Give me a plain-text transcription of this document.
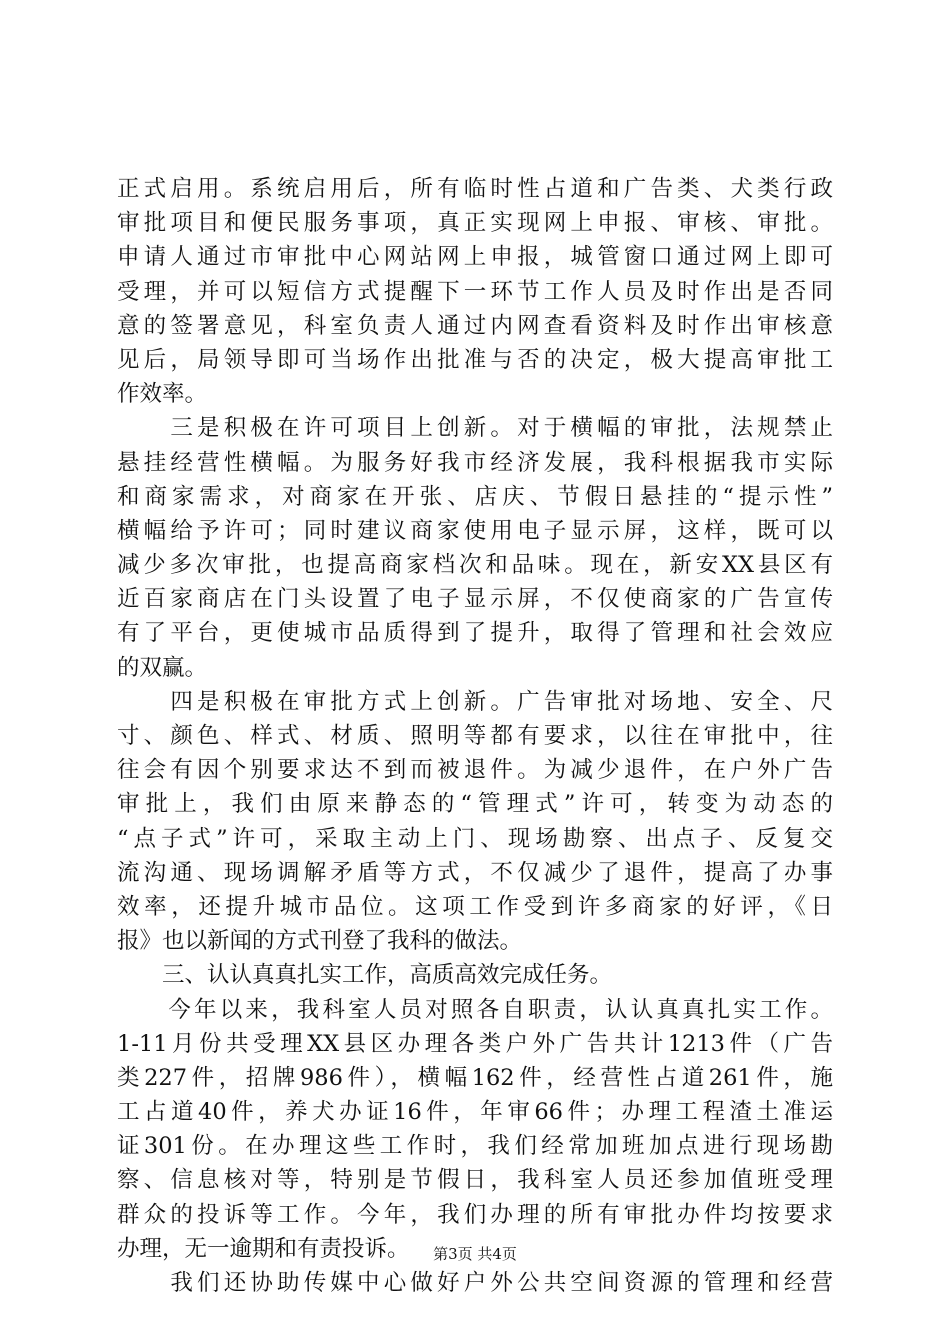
正式启用。系统启用后，所有临时性占道和广告类、犬类行政
审批项目和便民服务事项，真正实现网上申报、审核、审批。
申请人通过市审批中心网站网上申报，城管窗口通过网上即可
受理，并可以短信方式提醒下一环节工作人员及时作出是否同
意的签署意见，科室负责人通过内网查看资料及时作出审核意
见后，局领导即可当场作出批准与否的决定，极大提高审批工
作效率。
　　三是积极在许可项目上创新。对于横幅的审批，法规禁止
悬挂经营性横幅。为服务好我市经济发展，我科根据我市实际
和商家需求，对商家在开张、店庆、节假日悬挂的“提示性”
横幅给予许可；同时建议商家使用电子显示屏，这样，既可以
减少多次审批，也提高商家档次和品味。现在，新安XX县区有
近百家商店在门头设置了电子显示屏，不仅使商家的广告宣传
有了平台，更使城市品质得到了提升，取得了管理和社会效应
的双赢。
　　四是积极在审批方式上创新。广告审批对场地、安全、尺
寸、颜色、样式、材质、照明等都有要求，以往在审批中，往
往会有因个别要求达不到而被退件。为减少退件，在户外广告
审批上，我们由原来静态的“管理式”许可，转变为动态的
“点子式”许可，采取主动上门、现场勘察、出点子、反复交
流沟通、现场调解矛盾等方式，不仅减少了退件，提高了办事
效率，还提升城市品位。这项工作受到许多商家的好评，《日
报》也以新闻的方式刊登了我科的做法。
　　三、认认真真扎实工作，高质高效完成任务。
　　今年以来，我科室人员对照各自职责，认认真真扎实工作。
1-11月份共受理XX县区办理各类户外广告共计1213件（广告
类227件，招牌986件），横幅162件，经营性占道261件，施
工占道40件，养犬办证16件，年审66件；办理工程渣土准运
证301份。在办理这些工作时，我们经常加班加点进行现场勘
察、信息核对等，特别是节假日，我科室人员还参加值班受理
群众的投诉等工作。今年，我们办理的所有审批办件均按要求
办理，无一逾期和有责投诉。
　　我们还协助传媒中心做好户外公共空间资源的管理和经营
第3页 共4页
